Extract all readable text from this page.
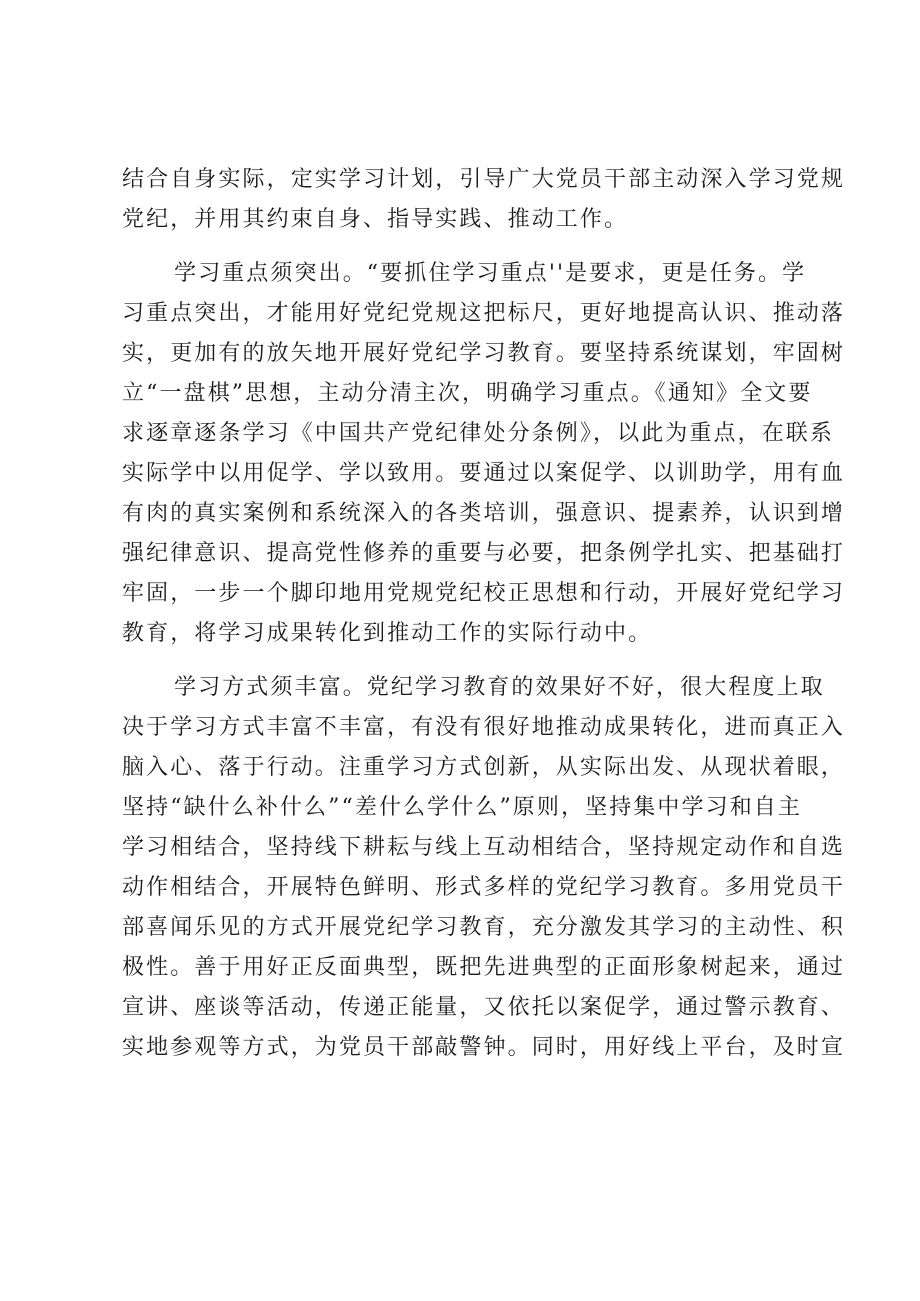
结合自身实际，定实学习计划，引导广大党员干部主动深入学习党规
党纪，并用其约束自身、指导实践、推动工作。
学习重点须突出。“要抓住学习重点''是要求，更是任务。学
习重点突出，才能用好党纪党规这把标尺，更好地提高认识、推动落
实，更加有的放矢地开展好党纪学习教育。要坚持系统谋划，牢固树
立“一盘棋”思想，主动分清主次，明确学习重点。《通知》全文要
求逐章逐条学习《中国共产党纪律处分条例》，以此为重点，在联系
实际学中以用促学、学以致用。要通过以案促学、以训助学，用有血
有肉的真实案例和系统深入的各类培训，强意识、提素养，认识到增
强纪律意识、提高党性修养的重要与必要，把条例学扎实、把基础打
牢固，一步一个脚印地用党规党纪校正思想和行动，开展好党纪学习
教育，将学习成果转化到推动工作的实际行动中。
学习方式须丰富。党纪学习教育的效果好不好，很大程度上取
决于学习方式丰富不丰富，有没有很好地推动成果转化，进而真正入
脑入心、落于行动。注重学习方式创新，从实际出发、从现状着眼，
坚持“缺什么补什么”“差什么学什么”原则，坚持集中学习和自主
学习相结合，坚持线下耕耘与线上互动相结合，坚持规定动作和自选
动作相结合，开展特色鲜明、形式多样的党纪学习教育。多用党员干
部喜闻乐见的方式开展党纪学习教育，充分激发其学习的主动性、积
极性。善于用好正反面典型，既把先进典型的正面形象树起来，通过
宣讲、座谈等活动，传递正能量，又依托以案促学，通过警示教育、
实地参观等方式，为党员干部敲警钟。同时，用好线上平台，及时宣
